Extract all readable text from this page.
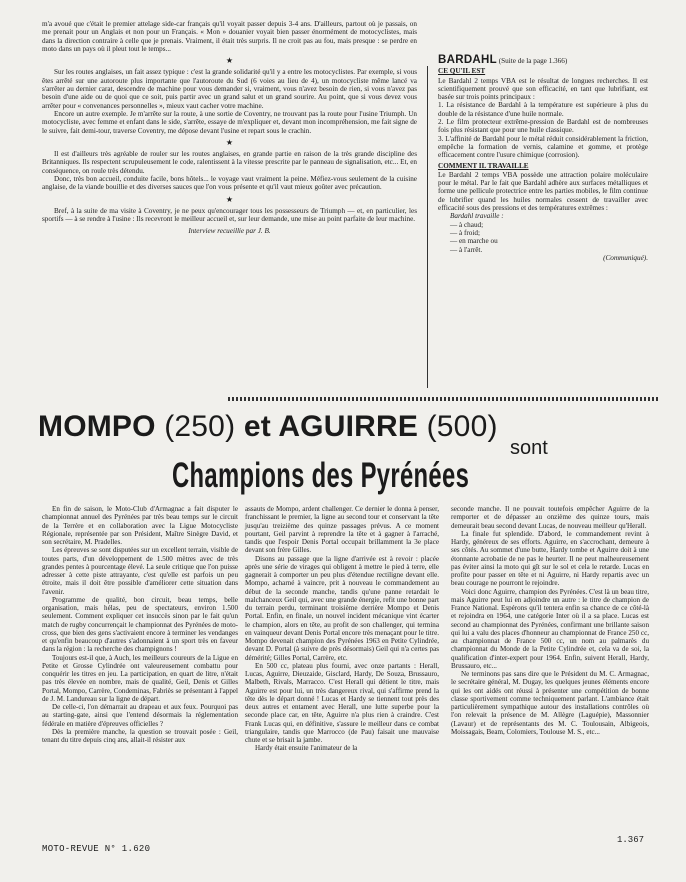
m'a avoué que c'était le premier attelage side-car français qu'il voyait passer depuis 3-4 ans. D'ailleurs, partout où je passais, on me prenait pour un Anglais et non pour un Français. « Mon » douanier voyait bien passer énormément de motocyclistes, mais dans la direction contraire à celle que je prenais. Vraiment, il était très surpris. Il ne croit pas au fou, mais presque : se perdre en moto dans un pays où il pleut tout le temps...

★

Sur les routes anglaises, un fait assez typique : c'est la grande solidarité qu'il y a entre les motocyclistes. Par exemple, si vous êtes arrêté sur une autoroute plus importante que l'autoroute du Sud (6 voies au lieu de 4), un motocycliste même lancé va s'arrêter au dernier carat, descendre de machine pour vous demander si, vraiment, vous n'avez besoin de rien, si vous n'avez pas besoin d'une aide ou de quoi que ce soit, puis partir avec un grand salut et un grand sourire. Au point, que si vous devez vous arrêter pour « convenances personnelles », mieux vaut cacher votre machine.

Encore un autre exemple. Je m'arrête sur la route, à une sortie de Coventry, ne trouvant pas la route pour l'usine Triumph. Un motocycliste, avec femme et enfant dans le side, s'arrête, essaye de m'expliquer et, devant mon incompréhension, me fait signe de le suivre, fait demi-tour, traverse Coventry, me dépose devant l'usine et repart sous le crachin.

★

Il est d'ailleurs très agréable de rouler sur les routes anglaises, en grande partie en raison de la très grande discipline des Britanniques. Ils respectent scrupuleusement le code, ralentissent à la vitesse prescrite par le panneau de signalisation, etc... Et, en conséquence, on roule très détendu.

Donc, très bon accueil, conduite facile, bons hôtels... le voyage vaut vraiment la peine. Méfiez-vous seulement de la cuisine anglaise, de la viande bouillie et des diverses sauces que l'on vous présente et qu'il vaut mieux goûter avec précaution.

★

Bref, à la suite de ma visite à Coventry, je ne peux qu'encourager tous les possesseurs de Triumph — et, en particulier, les sportifs — à se rendre à l'usine : Ils recevront le meilleur accueil et, sur leur demande, une mise au point parfaite de leur machine.

Interview recueillie par J. B.
BARDAHL (Suite de la page 1.366)
CE QU'IL EST

Le Bardahl 2 temps VBA est le résultat de longues recherches. Il est scientifiquement prouvé que son efficacité, en tant que lubrifiant, est basée sur trois points principaux :

1. La résistance de Bardahl à la température est supérieure à plus du double de la résistance d'une huile normale.

2. Le film protecteur extrême-pression de Bardahl est de nombreuses fois plus résistant que pour une huile classique.

3. L'affinité de Bardahl pour le métal réduit considérablement la friction, empêche la formation de vernis, calamine et gomme, et protège efficacement contre l'usure chimique (corrosion).

COMMENT IL TRAVAILLE

Le Bardahl 2 temps VBA possède une attraction polaire moléculaire pour le métal. Par le fait que Bardahl adhère aux surfaces métalliques et forme une pellicule protectrice entre les parties mobiles, le film continue de lubrifier quand les huiles normales cessent de travailler avec efficacité sous des pressions et des températures extrêmes :

Bardahl travaille :

— à chaud;

— à froid;

— en marche ou

— à l'arrêt.

(Communiqué).
MOMPO (250) et AGUIRRE (500)
sont
Champions des Pyrénées

En fin de saison, le Moto-Club d'Armagnac a fait disputer le championnat annuel des Pyrénées par très beau temps sur le circuit de la Terrère et en collaboration avec la Ligue Motocycliste Régionale, représentée par son Président, Maître Sinègre David, et son secrétaire, M. Pradelles.

Les épreuves se sont disputées sur un excellent terrain, visible de toutes parts, d'un développement de 1.500 mètres avec de très grandes pentes à pourcentage élevé. La seule critique que l'on puisse adresser à cette piste attrayante, c'est qu'elle est parfois un peu étroite, mais il doit être possible d'améliorer cette situation dans l'avenir.

Programme de qualité, bon circuit, beau temps, belle organisation, mais hélas, peu de spectateurs, environ 1.500 seulement. Comment expliquer cet insuccès sinon par le fait qu'un match de rugby concurrençait le championnat des Pyrénées de moto-cross, que bien des gens s'activaient encore à terminer les vendanges et qu'enfin beaucoup d'autres s'adonnaient à un sport très en faveur dans la région : la recherche des champignons !

Toujours est-il que, à Auch, les meilleurs coureurs de la Ligue en Petite et Grosse Cylindrée ont valeureusement combattu pour conquérir les titres en jeu. La participation, en quart de litre, n'était pas très élevée en nombre, mais de qualité, Geil, Denis et Gilles Portal, Mompo, Carrère, Condeminas, Fabriès se présentant à l'appel de J. M. Landureau sur la ligne de départ.

De celle-ci, l'on démarrait au drapeau et aux feux. Pourquoi pas au starting-gate, ainsi que l'entend désormais la réglementation fédérale en matière d'épreuves officielles ?

Dès la première manche, la question se trouvait posée : Geil, tenant du titre depuis cinq ans, allait-il résister aux

assauts de Mompo, ardent challenger. Ce dernier le donna à penser, franchissant le premier, la ligne au second tour et conservant la tête jusqu'au treizième des quinze passages prévus. A ce moment pourtant, Geil parvint à reprendre la tête et à gagner à l'arraché, tandis que l'espoir Denis Portal occupait brillamment la 3e place devant son frère Gilles.

Disons au passage que la ligne d'arrivée est à revoir : placée après une série de virages qui obligent à mettre le pied à terre, elle gagnerait à comporter un peu plus d'étendue rectiligne devant elle. Mompo, acharné à vaincre, prit à nouveau le commandement au début de la seconde manche, tandis qu'une panne retardait le malchanceux Geil qui, avec une grande énergie, refit une bonne part du terrain perdu, terminant troisième derrière Mompo et Denis Portal. Enfin, en finale, un nouvel incident mécanique vint écarter le champion, alors en tête, au profit de son challenger, qui termina en vainqueur devant Denis Portal encore très menaçant pour le titre. Mompo devenait champion des Pyrénées 1963 en Petite Cylindrée, devant D. Portal (à suivre de près désormais) Geil qui n'a certes pas démérité; Gilles Portal, Carrère, etc.

En 500 cc, plateau plus fourni, avec onze partants : Herall, Lucas, Aguirre, Dieuzaide, Gisclard, Hardy, De Souza, Brussauro, Malbeth, Rivals, Marracco. C'est Herall qui détient le titre, mais Aguirre est pour lui, un très dangereux rival, qui s'affirme prend la tête dès le départ donné ! Lucas et Hardy se tiennent tout près des deux autres et entament avec Herall, une lutte superbe pour la seconde place car, en tête, Aguirre n'a plus rien à craindre. C'est Frank Lucas qui, en définitive, s'assure le meilleur dans ce combat triangulaire, tandis que Marrocco (de Pau) faisait une mauvaise chute et se brisait la jambe.

Hardy était ensuite l'animateur de la

seconde manche. Il ne pouvait toutefois empêcher Aguirre de la remporter et de dépasser au onzième des quinze tours, mais demeurait beau second devant Lucas, de nouveau meilleur qu'Herall.

La finale fut splendide. D'abord, le commandement revint à Hardy, généreux de ses efforts. Aguirre, en s'accrochant, demeure à ses côtés. Au sommet d'une butte, Hardy tombe et Aguirre doit à une étonnante acrobatie de ne pas le heurter. Il ne peut malheureusement pas éviter ainsi la moto qui gît sur le sol et cela le retarde. Lucas en profite pour passer en tête et ni Aguirre, ni Hardy repartis avec un beau courage ne pourront le rejoindre.

Voici donc Aguirre, champion des Pyrénées. C'est là un beau titre, mais Aguirre peut lui en adjoindre un autre : le titre de champion de France National. Espérons qu'il tentera enfin sa chance de ce côté-là et rejoindra en 1964, une catégorie Inter où il a sa place. Lucas est second au championnat des Pyrénées, confirmant une brillante saison qui lui a valu des places d'honneur au championnat de France 250 cc, au championnat de France 500 cc, un nom au palmarès du championnat du Monde de la Petite Cylindrée et, cela va de soi, la qualification d'inter-expert pour 1964. Enfin, suivent Herall, Hardy, Brussauro, etc...

Ne terminons pas sans dire que le Président du M. C. Armagnac, le secrétaire général, M. Dugay, les quelques jeunes éléments encore qui les ont aidés ont réussi à présenter une compétition de bonne classe sportivement comme techniquement parlant. L'ambiance était particulièrement sympathique autour des installations contrôles où l'on relevait la présence de M. Allègre (Laguépie), Massonnier (Lavaur) et de représentants des M. C. Toulousain, Albigeois, Moissagais, Beam, Colomiers, Toulouse M. S., etc...

MOTO-REVUE N° 1.620
1.367
